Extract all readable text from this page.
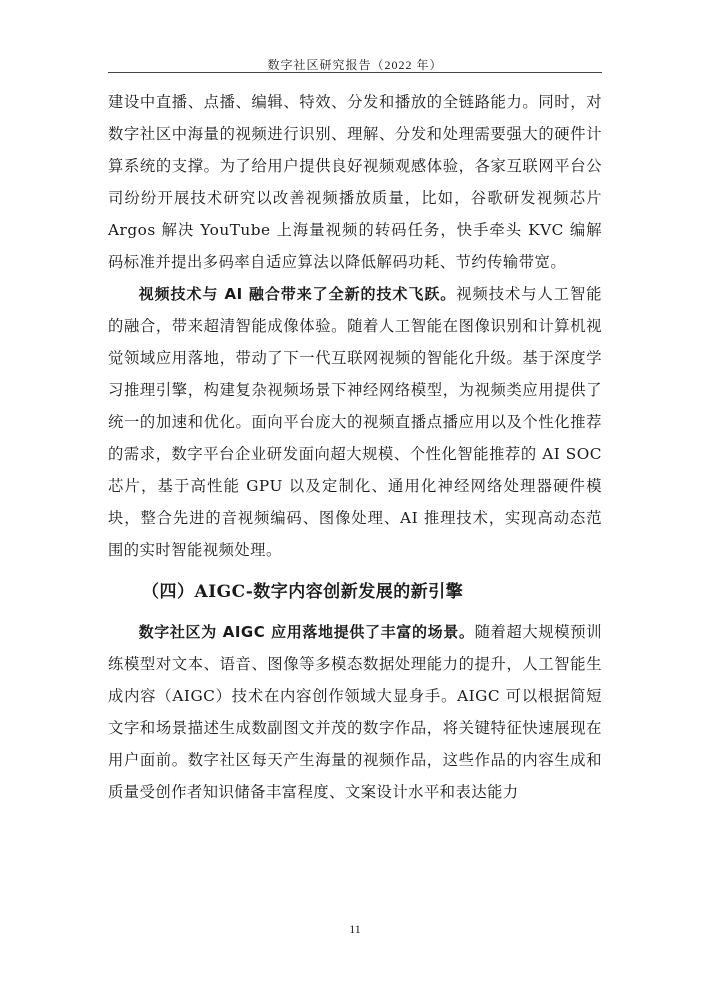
数字社区研究报告（2022 年）

建设中直播、点播、编辑、特效、分发和播放的全链路能力。同时，对数字社区中海量的视频进行识别、理解、分发和处理需要强大的硬件计算系统的支撑。为了给用户提供良好视频观感体验，各家互联网平台公司纷纷开展技术研究以改善视频播放质量，比如，谷歌研发视频芯片 Argos 解决 YouTube 上海量视频的转码任务，快手牵头 KVC 编解码标准并提出多码率自适应算法以降低解码功耗、节约传输带宽。

视频技术与 AI 融合带来了全新的技术飞跃。视频技术与人工智能的融合，带来超清智能成像体验。随着人工智能在图像识别和计算机视觉领域应用落地，带动了下一代互联网视频的智能化升级。基于深度学习推理引擎，构建复杂视频场景下神经网络模型，为视频类应用提供了统一的加速和优化。面向平台庞大的视频直播点播应用以及个性化推荐的需求，数字平台企业研发面向超大规模、个性化智能推荐的 AI SOC 芯片，基于高性能 GPU 以及定制化、通用化神经网络处理器硬件模块，整合先进的音视频编码、图像处理、AI 推理技术，实现高动态范围的实时智能视频处理。

（四）AIGC-数字内容创新发展的新引擎

数字社区为 AIGC 应用落地提供了丰富的场景。随着超大规模预训练模型对文本、语音、图像等多模态数据处理能力的提升，人工智能生成内容（AIGC）技术在内容创作领域大显身手。AIGC 可以根据简短文字和场景描述生成数副图文并茂的数字作品，将关键特征快速展现在用户面前。数字社区每天产生海量的视频作品，这些作品的内容生成和质量受创作者知识储备丰富程度、文案设计水平和表达能力

11
